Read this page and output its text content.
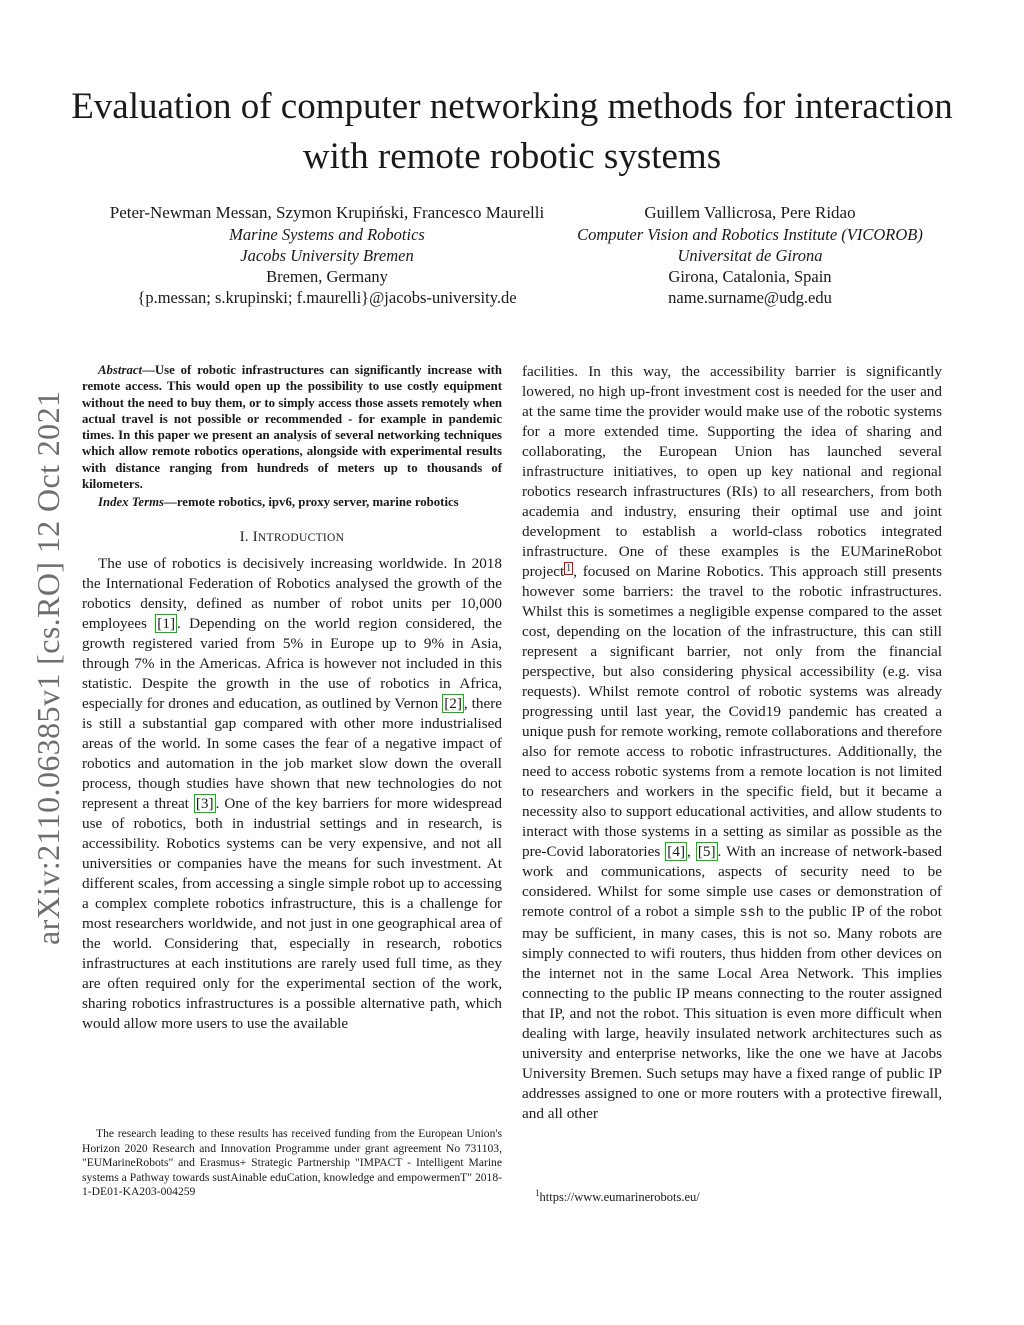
Evaluation of computer networking methods for interaction with remote robotic systems
Peter-Newman Messan, Szymon Krupiński, Francesco Maurelli
Marine Systems and Robotics
Jacobs University Bremen
Bremen, Germany
{p.messan; s.krupinski; f.maurelli}@jacobs-university.de
Guillem Vallicrosa, Pere Ridao
Computer Vision and Robotics Institute (VICOROB)
Universitat de Girona
Girona, Catalonia, Spain
name.surname@udg.edu
arXiv:2110.06385v1 [cs.RO] 12 Oct 2021

Abstract—Use of robotic infrastructures can significantly increase with remote access. This would open up the possibility to use costly equipment without the need to buy them, or to simply access those assets remotely when actual travel is not possible or recommended - for example in pandemic times. In this paper we present an analysis of several networking techniques which allow remote robotics operations, alongside with experimental results with distance ranging from hundreds of meters up to thousands of kilometers.

Index Terms—remote robotics, ipv6, proxy server, marine robotics

I. INTRODUCTION

The use of robotics is decisively increasing worldwide. In 2018 the International Federation of Robotics analysed the growth of the robotics density, defined as number of robot units per 10,000 employees [1] . Depending on the world region considered, the growth registered varied from 5% in Europe up to 9% in Asia, through 7% in the Americas. Africa is however not included in this statistic. Despite the growth in the use of robotics in Africa, especially for drones and education, as outlined by Vernon [2] , there is still a substantial gap compared with other more industrialised areas of the world. In some cases the fear of a negative impact of robotics and automation in the job market slow down the overall process, though studies have shown that new technologies do not represent a threat [3] . One of the key barriers for more widespread use of robotics, both in industrial settings and in research, is accessibility. Robotics systems can be very expensive, and not all universities or companies have the means for such investment. At different scales, from accessing a single simple robot up to accessing a complex complete robotics infrastructure, this is a challenge for most researchers worldwide, and not just in one geographical area of the world. Considering that, especially in research, robotics infrastructures at each institutions are rarely used full time, as they are often required only for the experimental section of the work, sharing robotics infrastructures is a possible alternative path, which would allow more users to use the available

facilities. In this way, the accessibility barrier is significantly lowered, no high up-front investment cost is needed for the user and at the same time the provider would make use of the robotic systems for a more extended time. Supporting the idea of sharing and collaborating, the European Union has launched several infrastructure initiatives, to open up key national and regional robotics research infrastructures (RIs) to all researchers, from both academia and industry, ensuring their optimal use and joint development to establish a world-class robotics integrated infrastructure. One of these examples is the EUMarineRobot project $^1$ , focused on Marine Robotics. This approach still presents however some barriers: the travel to the robotic infrastructures. Whilst this is sometimes a negligible expense compared to the asset cost, depending on the location of the infrastructure, this can still represent a significant barrier, not only from the financial perspective, but also considering physical accessibility (e.g. visa requests). Whilst remote control of robotic systems was already progressing until last year, the Covid19 pandemic has created a unique push for remote working, remote collaborations and therefore also for remote access to robotic infrastructures. Additionally, the need to access robotic systems from a remote location is not limited to researchers and workers in the specific field, but it became a necessity also to support educational activities, and allow students to interact with those systems in a setting as similar as possible as the pre-Covid laboratories [4] , [5] . With an increase of network-based work and communications, aspects of security need to be considered. Whilst for some simple use cases or demonstration of remote control of a robot a simple ssh to the public IP of the robot may be sufficient, in many cases, this is not so. Many robots are simply connected to wifi routers, thus hidden from other devices on the internet not in the same Local Area Network. This implies connecting to the public IP means connecting to the router assigned that IP, and not the robot. This situation is even more difficult when dealing with large, heavily insulated network architectures such as university and enterprise networks, like the one we have at Jacobs University Bremen. Such setups may have a fixed range of public IP addresses assigned to one or more routers with a protective firewall, and all other

The research leading to these results has received funding from the European Union's Horizon 2020 Research and Innovation Programme under grant agreement No 731103, "EUMarineRobots" and Erasmus+ Strategic Partnership "IMPACT - Intelligent Marine systems a Pathway towards sustAinable eduCation, knowledge and empowermenT" 2018-1-DE01-KA203-004259	$^1$https://www.eumarinerobots.eu/
